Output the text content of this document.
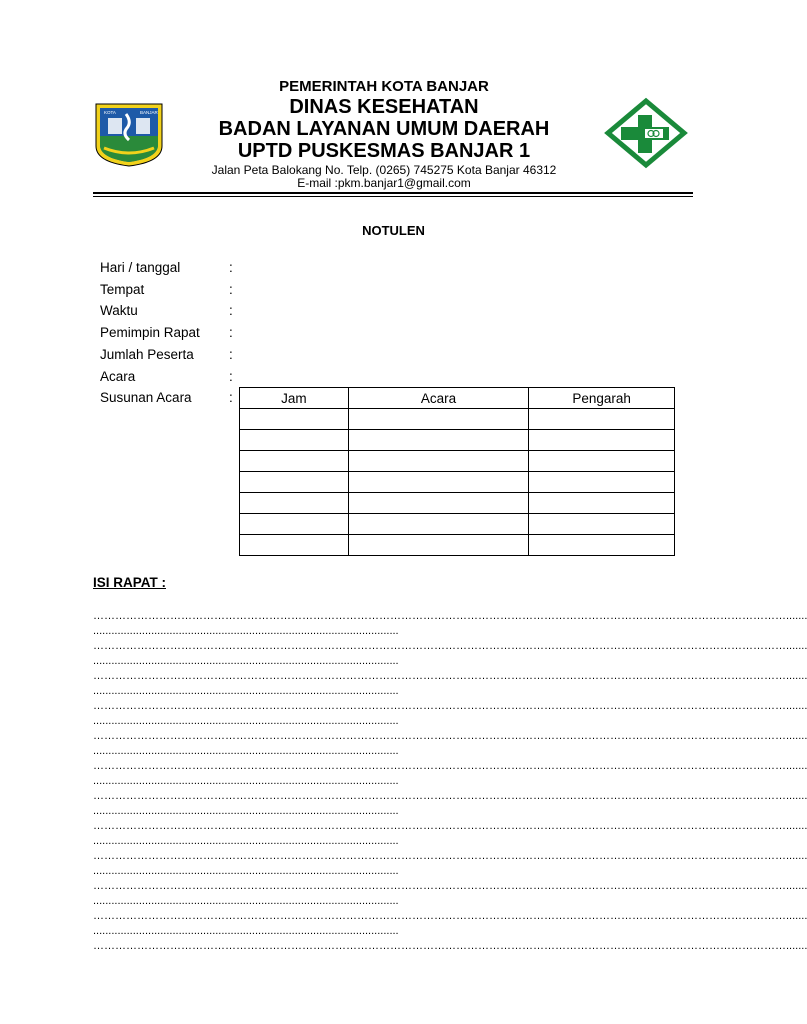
PEMERINTAH KOTA BANJAR
DINAS KESEHATAN
BADAN LAYANAN UMUM DAERAH
UPTD PUSKESMAS BANJAR 1
Jalan Peta Balokang No. Telp. (0265) 745275 Kota Banjar 46312
E-mail :pkm.banjar1@gmail.com
KOTA	BANJAR
NOTULEN
Hari / tanggal	:
Tempat	:
Waktu	:
Pemimpin Rapat :
Jumlah Peserta	:
Acara	:
Susunan Acara	:	Jam	Acara	Pengarah

ISI RAPAT :
……………………………………………………………………………………………………………………………………………………………………….......
....................................................................................................
……………………………………………………………………………………………………………………………………………………………………….......
....................................................................................................
……………………………………………………………………………………………………………………………………………………………………….......
....................................................................................................
……………………………………………………………………………………………………………………………………………………………………….......
....................................................................................................
……………………………………………………………………………………………………………………………………………………………………….......
....................................................................................................
……………………………………………………………………………………………………………………………………………………………………….......
....................................................................................................
……………………………………………………………………………………………………………………………………………………………………….......
....................................................................................................
……………………………………………………………………………………………………………………………………………………………………….......
....................................................................................................
……………………………………………………………………………………………………………………………………………………………………….......
....................................................................................................
……………………………………………………………………………………………………………………………………………………………………….......
....................................................................................................
……………………………………………………………………………………………………………………………………………………………………….......
....................................................................................................
……………………………………………………………………………………………………………………………………………………………………….......
